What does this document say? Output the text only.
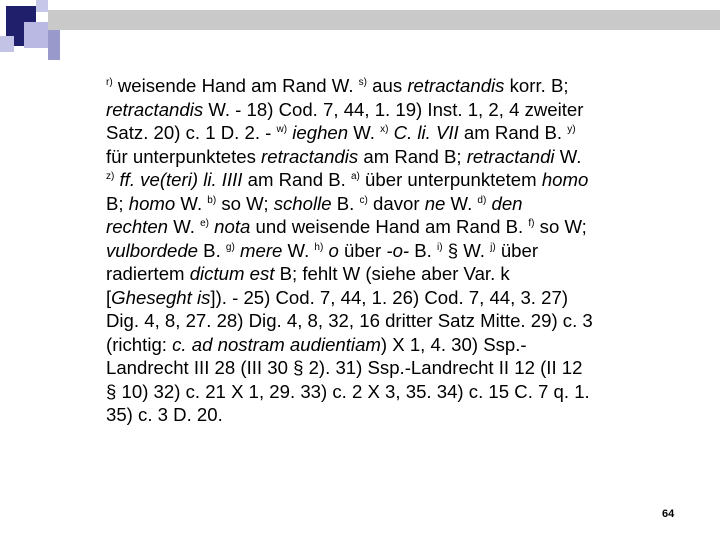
$^{r)}$ weisende Hand am Rand W. $^{s)}$ aus retractandis korr. B;
retractandis W. - 18) Cod. 7, 44, 1. 19) Inst. 1, 2, 4 zweiter
Satz. 20) c. 1 D. 2. - $^{w)}$ ieghen W. $^{x)}$ C. li. VII am Rand B. $^{y)}$
für unterpunktetes retractandis am Rand B; retractandi W.
$^{z)}$ ff. ve(teri) li. IIII am Rand B. $^{a)}$ über unterpunktetem homo
B; homo W. $^{b)}$ so W; scholle B. $^{c)}$ davor ne W. $^{d)}$ den
rechten W. $^{e)}$ nota und weisende Hand am Rand B. $^{f)}$ so W;
vulbordede B. $^{g)}$ mere W. $^{h)}$ o über -o- B. $^{i)}$ § W. $^{j)}$ über
radiertem dictum est B; fehlt W (siehe aber Var. k
[Gheseght is]). - 25) Cod. 7, 44, 1. 26) Cod. 7, 44, 3. 27)
Dig. 4, 8, 27. 28) Dig. 4, 8, 32, 16 dritter Satz Mitte. 29) c. 3
(richtig: c. ad nostram audientiam) X 1, 4. 30) Ssp.-
Landrecht III 28 (III 30 § 2). 31) Ssp.-Landrecht II 12 (II 12
§ 10) 32) c. 21 X 1, 29. 33) c. 2 X 3, 35. 34) c. 15 C. 7 q. 1.
35) c. 3 D. 20.
64
